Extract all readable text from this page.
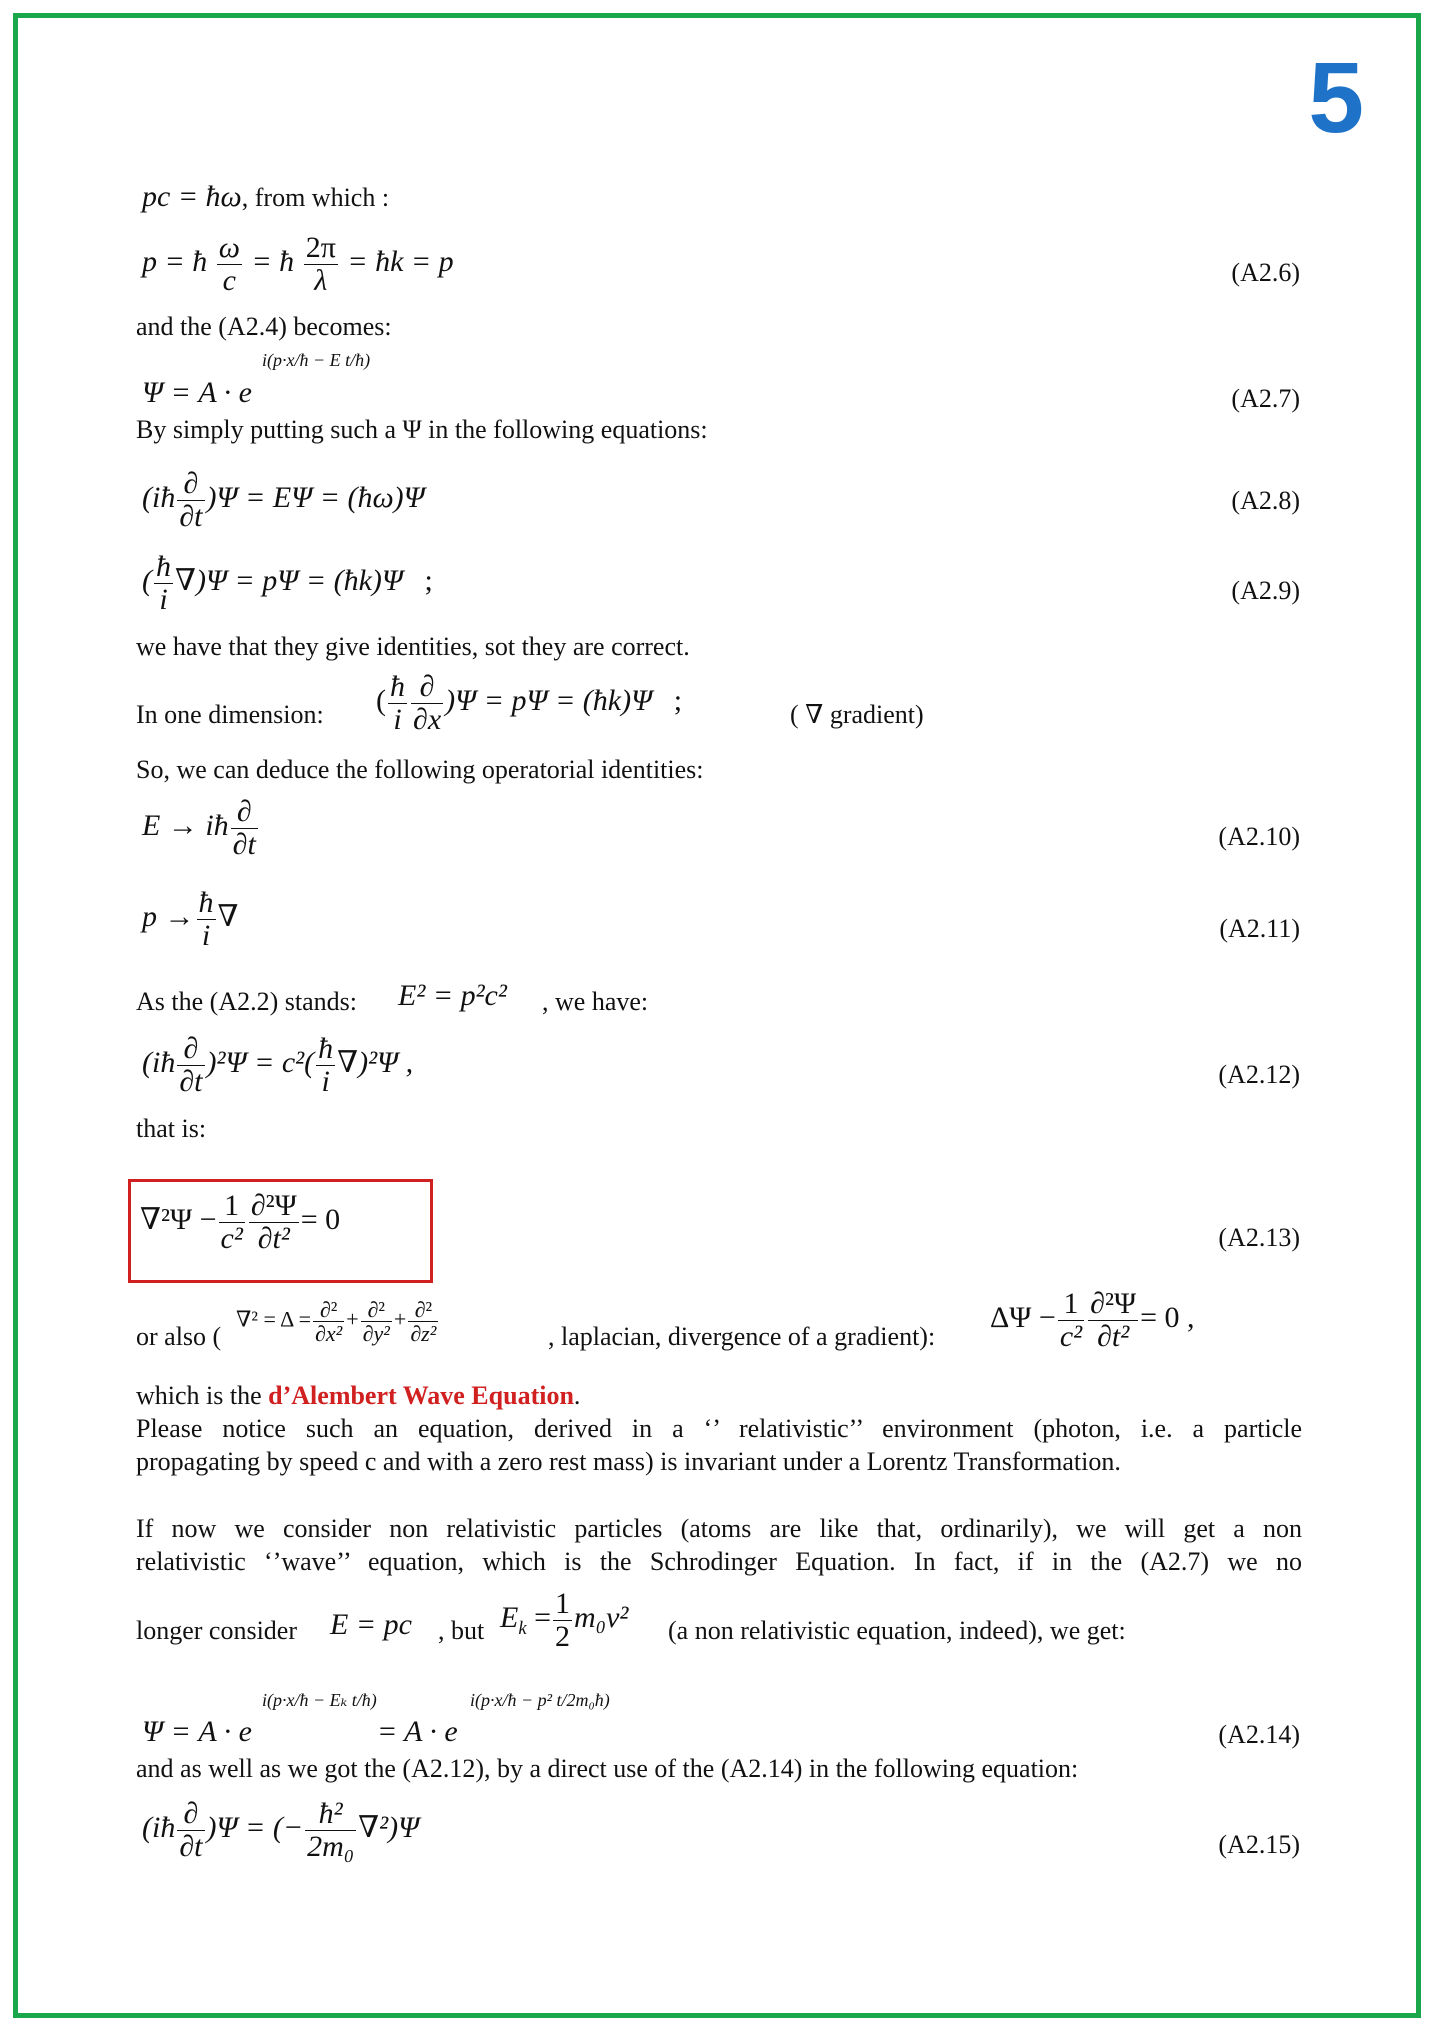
5
pc = ħω, from which :
p = ħ $\frac{\omega}{c}$ = ħ $\frac{2\pi}{\lambda}$ = ħk = p	(A2.6)
and the (A2.4) becomes:
Ψ = A · e
i(p·x/ħ − E t/ħ)
(A2.7)
By simply putting such a Ψ in the following equations:
(iħ $\frac{\partial}{\partial t} )\Psi = E\Psi$ = (ħω)Ψ	(A2.8)
( $\frac{ħ}{i} \nabla)\Psi = p\Psi$ = (ħk)Ψ ;	(A2.9)
we have that they give identities, sot they are correct.
In one dimension: ( $\frac{ħ}{i} \frac{\partial}{\partial x} )\Psi = p\Psi$ = (ħk)Ψ ;	( ∇ gradient)
So, we can deduce the following operatorial identities:
E → iħ $\frac{\partial}{\partial t}$	(A2.10)
$p \to \frac{ħ}{i}$ ∇	(A2.11)
As the (A2.2) stands: E² = p²c² , we have:
(iħ $\frac{\partial}{\partial t} )^2\Psi = c^2( \frac{ħ}{i} \nabla)^2\Psi$ ,	(A2.12)
that is:
$\nabla^2\Psi - \frac{1}{\text{c²}} \frac{\text{∂²Ψ}}{\text{∂t²}} = 0$
(A2.13)
or also (
$\nabla^2 = \Delta = \frac{\text{∂²}}{\text{∂x²}} + \frac{\text{∂²}}{\text{∂y²}} + \frac{\text{∂²}}{\text{∂z²}}$	, laplacian, divergence of a gradient):
$\Delta\Psi - \frac{1}{\text{c²}} \frac{\text{∂²Ψ}}{\text{∂t²}} = 0$ ,
which is the d’Alembert Wave Equation.
Please notice such an equation, derived in a ‘’ relativistic’’ environment (photon, i.e. a particle
propagating by speed c and with a zero rest mass) is invariant under a Lorentz Transformation.
If now we consider non relativistic particles (atoms are like that, ordinarily), we will get a non
relativistic ‘’wave’’ equation, which is the Schrodinger Equation. In fact, if in the (A2.7) we no
longer consider E = pc , but $E_k = \frac{1}{2} m_0v^2$ (a non relativistic equation, indeed), we get:
Ψ = A · e	= A · e
i(p·x/ħ − Eₖ t/ħ)	i(p·x/ħ − p² t/2m₀ħ)
(A2.14)
and as well as we got the (A2.12), by a direct use of the (A2.14) in the following equation:
(iħ $\frac{\partial}{\partial t} )\Psi$ = (− $\frac{\text{ħ²}}{\text{2m₀}} \nabla^2)\Psi$
(A2.15)
